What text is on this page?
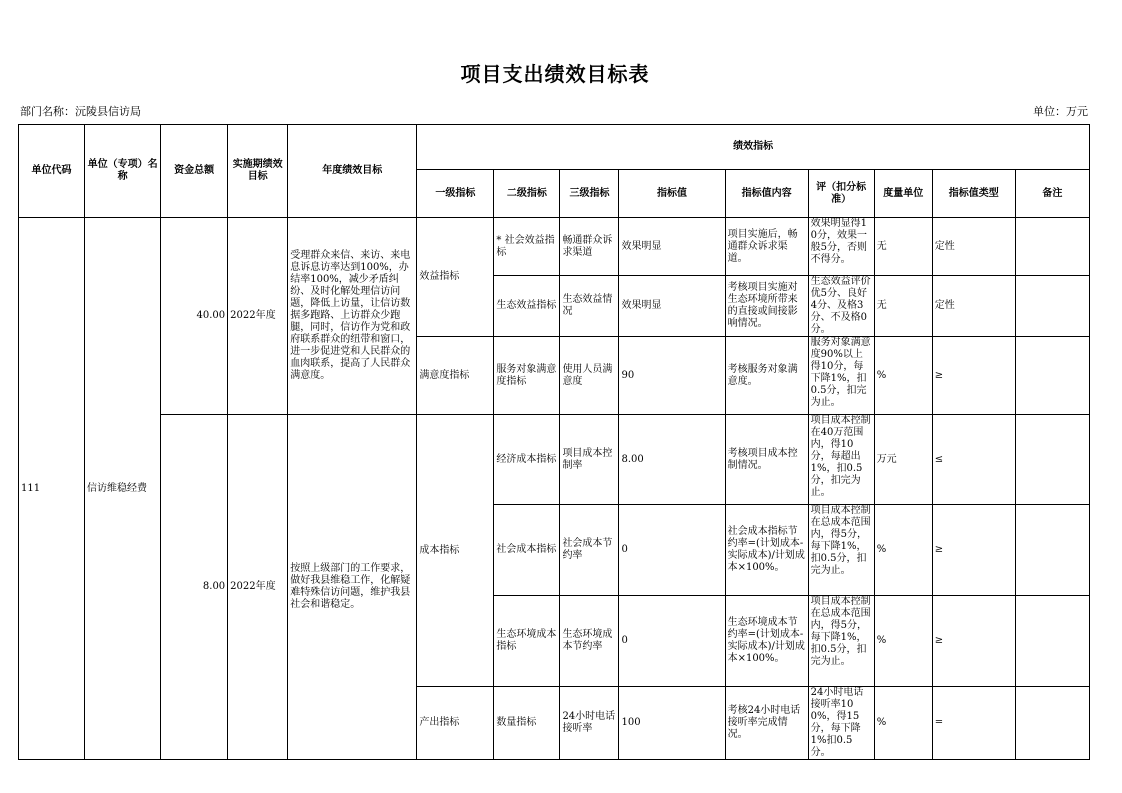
项目支出绩效目标表
部门名称：沅陵县信访局	单位：万元
单位代码	单位（专项）名称	资金总额	实施期绩效目标	年度绩效目标	绩效指标								
					一级指标	二级指标	三级指标	指标值	指标值内容	评（扣分标准）	度量单位	指标值类型	备注
111	信访维稳经费	40.00	2022年度	受理群众来信、来访、来电息诉息访率达到100%，办结率100%，减少矛盾纠纷、及时化解处理信访问题，降低上访量，让信访数据多跑路、上访群众少跑腿，同时，信访作为党和政府联系群众的纽带和窗口，进一步促进党和人民群众的血肉联系，提高了人民群众满意度。	效益指标	* 社会效益指标	畅通群众诉求渠道	效果明显	项目实施后，畅通群众诉求渠道。	效果明显得10分，效果一般5分，否则不得分。	无	定性	
						生态效益指标	生态效益情况	效果明显	考核项目实施对生态环境所带来的直接或间接影响情况。	生态效益评价优5分、良好4分、及格3分、不及格0分。	无	定性	
					满意度指标	服务对象满意度指标	使用人员满意度	90	考核服务对象满意度。	服务对象满意度90%以上得10分，每下降1%，扣0.5分，扣完为止。	%	≥	
		8.00	2022年度	按照上级部门的工作要求，做好我县维稳工作，化解疑难特殊信访问题，维护我县社会和谐稳定。	成本指标	经济成本指标	项目成本控制率	8.00	考核项目成本控制情况。	项目成本控制在40万范围内，得10分，每超出1%，扣0.5分，扣完为止。	万元	≤	
						社会成本指标	社会成本节约率	0	社会成本指标节约率=(计划成本-实际成本)/计划成本×100%。	项目成本控制在总成本范围内，得5分，每下降1%，扣0.5分，扣完为止。	%	≥	
						生态环境成本指标	生态环境成本节约率	0	生态环境成本节约率=(计划成本-实际成本)/计划成本×100%。	项目成本控制在总成本范围内，得5分，每下降1%，扣0.5分，扣完为止。	%	≥	
					产出指标	数量指标	24小时电话接听率	100	考核24小时电话接听率完成情况。	24小时电话接听率100%，得15分，每下降1%扣0.5分。	%	=	
